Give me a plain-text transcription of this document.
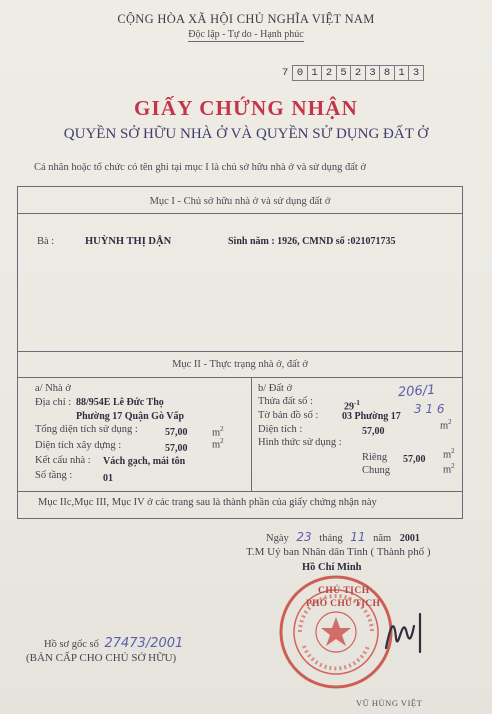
CỘNG HÒA XÃ HỘI CHỦ NGHĨA VIỆT NAM
Độc lập - Tự do - Hạnh phúc
7 0 1 2 5 2 3 8 1 3
GIẤY CHỨNG NHẬN
QUYỀN SỞ HỮU NHÀ Ở VÀ QUYỀN SỬ DỤNG ĐẤT Ở
Cá nhân hoặc tổ chức có tên ghi tại mục I là chủ sở hữu nhà ở và sử dụng đất ở
Mục I - Chủ sở hữu nhà ở và sử dụng đất ở
Bà :	HUỲNH THỊ DẬN	Sinh năm : 1926, CMND số :021071735
Mục II - Thực trạng nhà ở, đất ở
a/ Nhà ở
Địa chỉ : 88/954E Lê Đức Thọ
Phường 17 Quận Gò Vấp
Tổng diện tích sử dụng :	57,00 $m^2$
Diện tích xây dựng :	57,00 $m^2$
Kết cấu nhà : Vách gạch, mái tôn
Số tầng :	01
b/ Đất ở
Thửa đất số :	$29^{-1}$
206/1
Tờ bản đồ số : 03 Phường 17
3 1 6
Diện tích :	57,00	$m^2$
Hình thức sử dụng :
Riêng 57,00 $m^2$
Chung	$m^2$
Mục IIc,Mục III, Mục IV ở các trang sau là thành phần của giấy chứng nhận này
Ngày 23 tháng 11 năm 2001
T.M Uỷ ban Nhân dân Tỉnh ( Thành phố )
Hồ Chí Minh
CHỦ TỊCH
PHÓ CHỦ TỊCH
VŨ HÙNG VIỆT
Hồ sơ gốc số 27473/2001
(BẢN CẤP CHO CHỦ SỞ HỮU)
